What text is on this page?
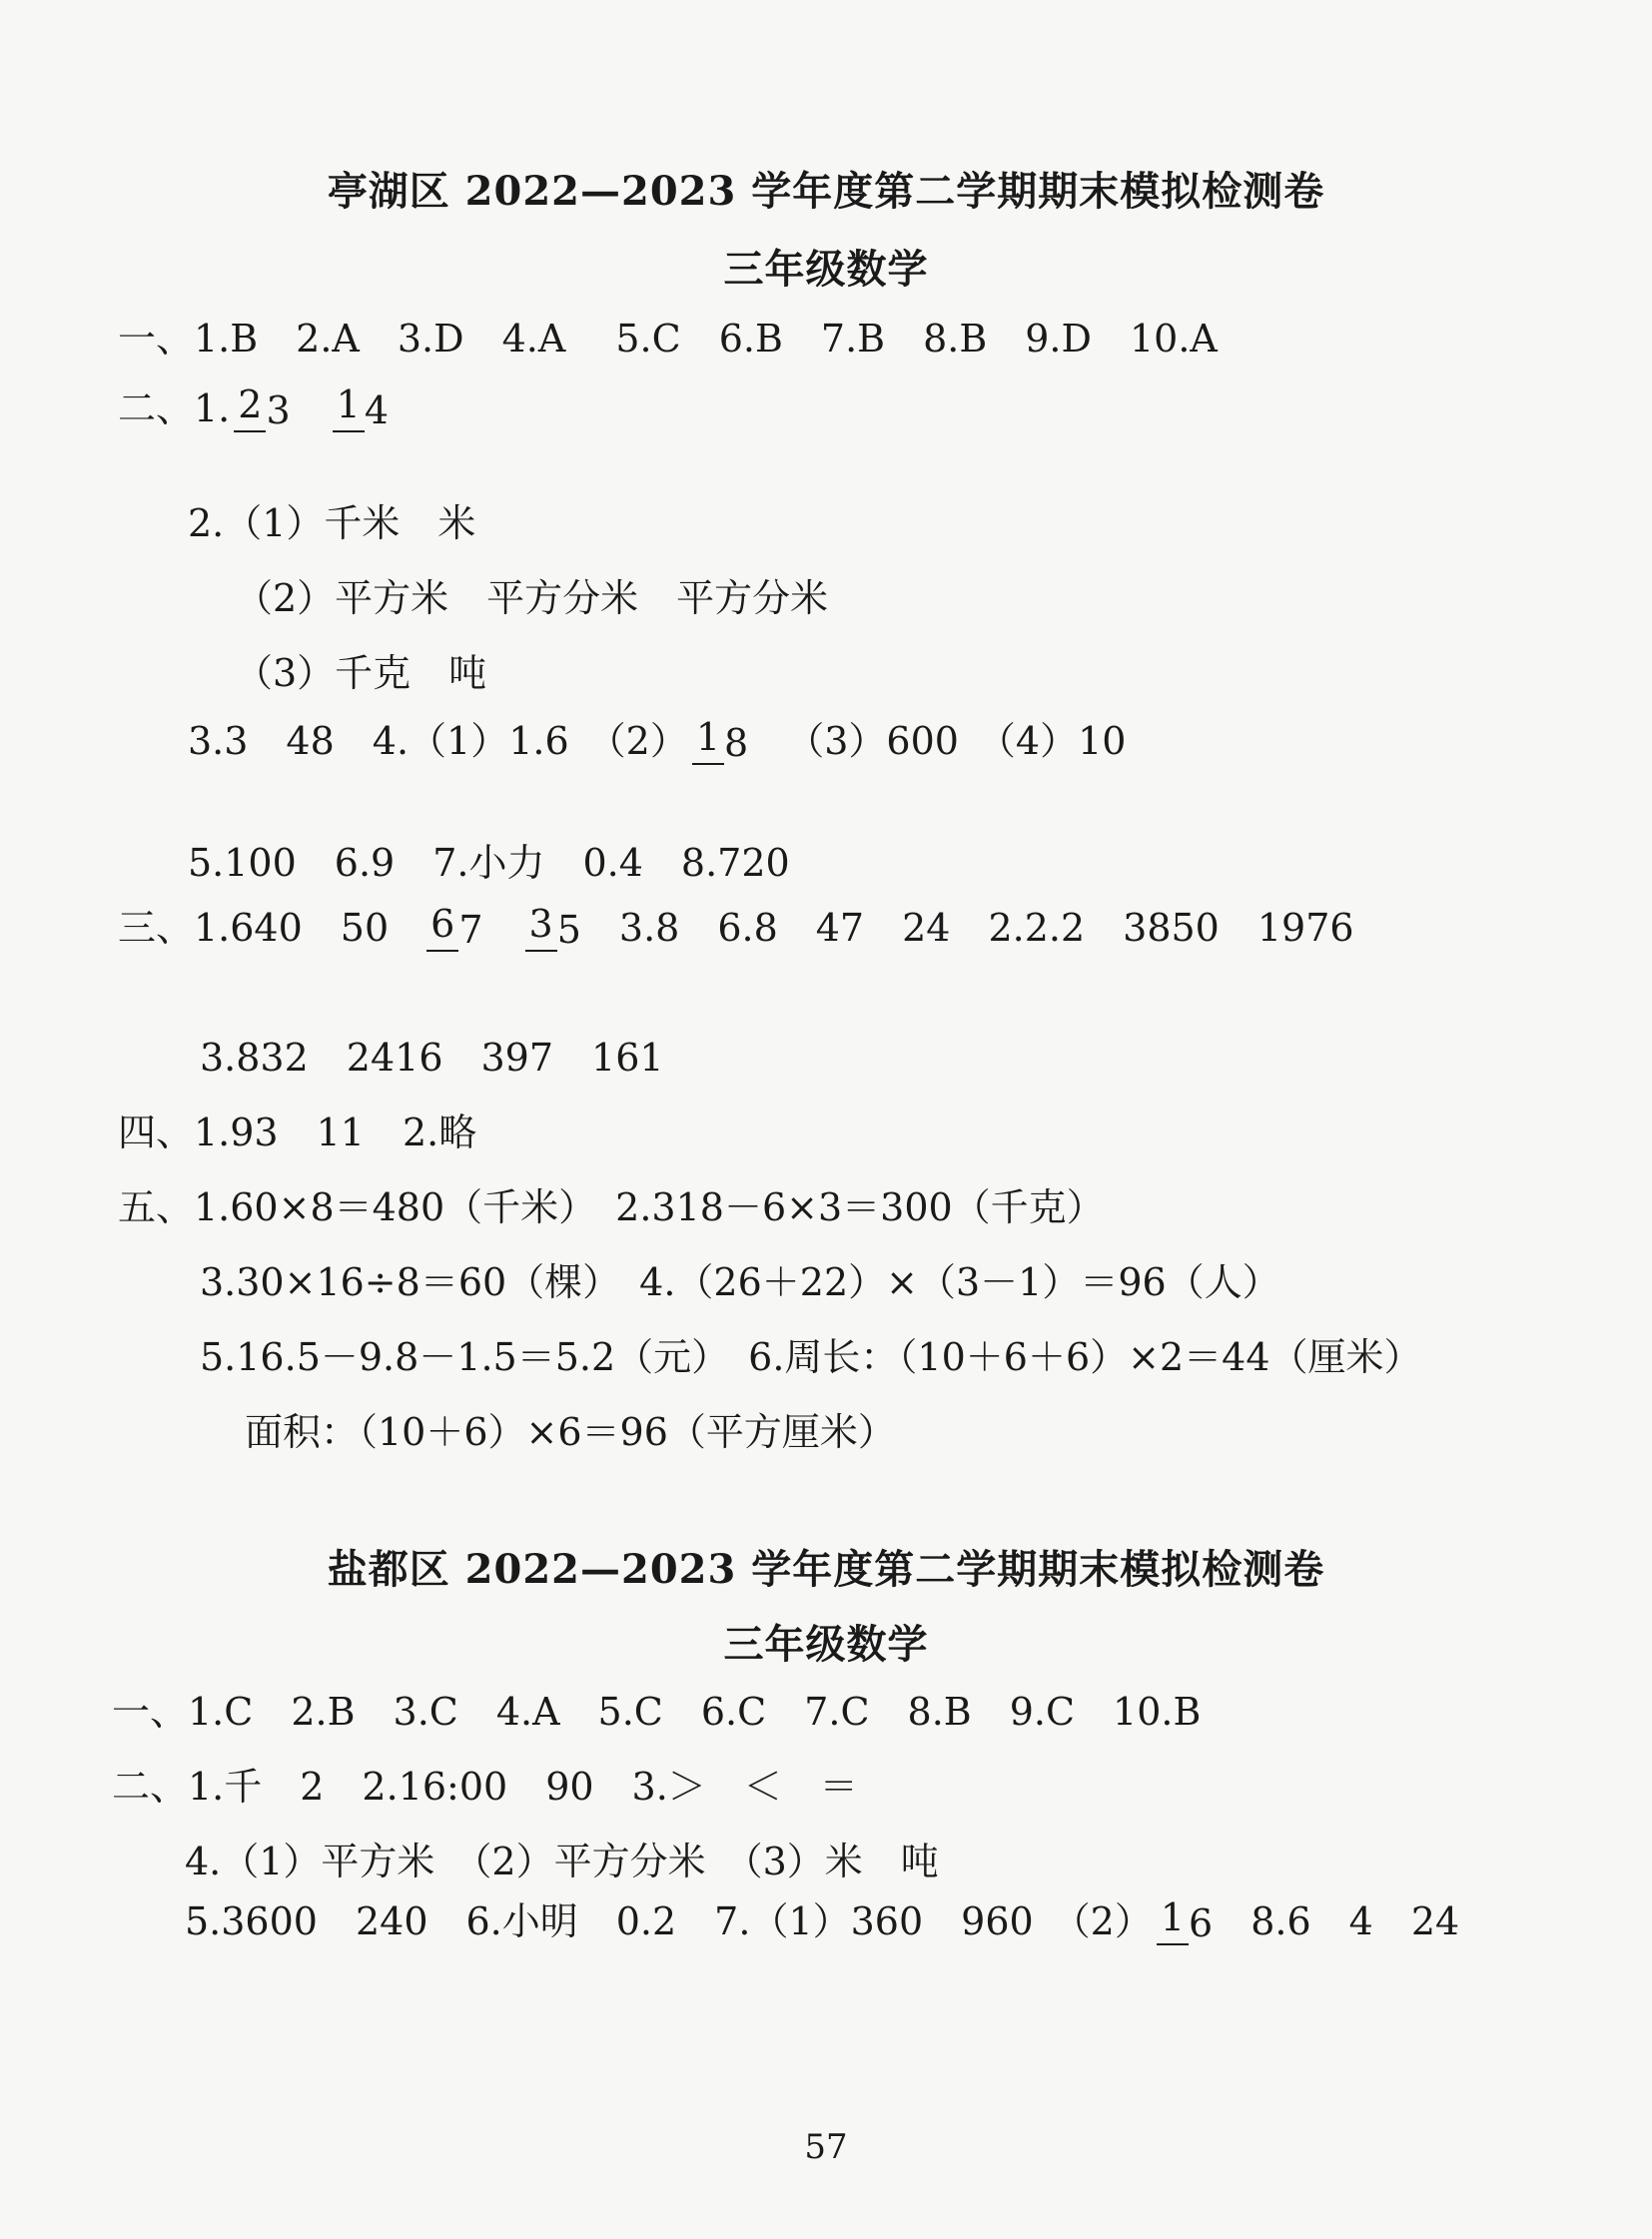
亭湖区 2022—2023 学年度第二学期期末模拟检测卷
三年级数学
一、1.B　2.A　3.D　4.A　 5.C　6.B　7.B　8.B　9.D　10.A
二、1. 2 3 1 4
2.（1）千米　米
（2）平方米　平方分米　平方分米
（3）千克　吨
3.3　48　4.（1）1.6　（2） 1 8 （3）600　（4）10
5.100　6.9　7.小力　0.4　8.720
三、1.640　50 6 7 3 5 3.8　6.8　47　24　2.2.2　3850　1976
3.832　2416　397　161
四、1.93　11　2.略
五、1.60×8＝480（千米）　2.318－6×3＝300（千克）
3.30×16÷8＝60（棵）　4.（26＋22）×（3－1）＝96（人）
5.16.5－9.8－1.5＝5.2（元）　6.周长：（10＋6＋6）×2＝44（厘米）
面积：（10＋6）×6＝96（平方厘米）
盐都区 2022—2023 学年度第二学期期末模拟检测卷
三年级数学
一、1.C　2.B　3.C　4.A　5.C　6.C　7.C　8.B　9.C　10.B
二、1.千　2　2.16:00　90　3.＞　＜　＝
4.（1）平方米　（2）平方分米　（3）米　吨
5.3600　240　6.小明　0.2　7.（1）360　960　（2） 1 6 8.6　4　24
57
